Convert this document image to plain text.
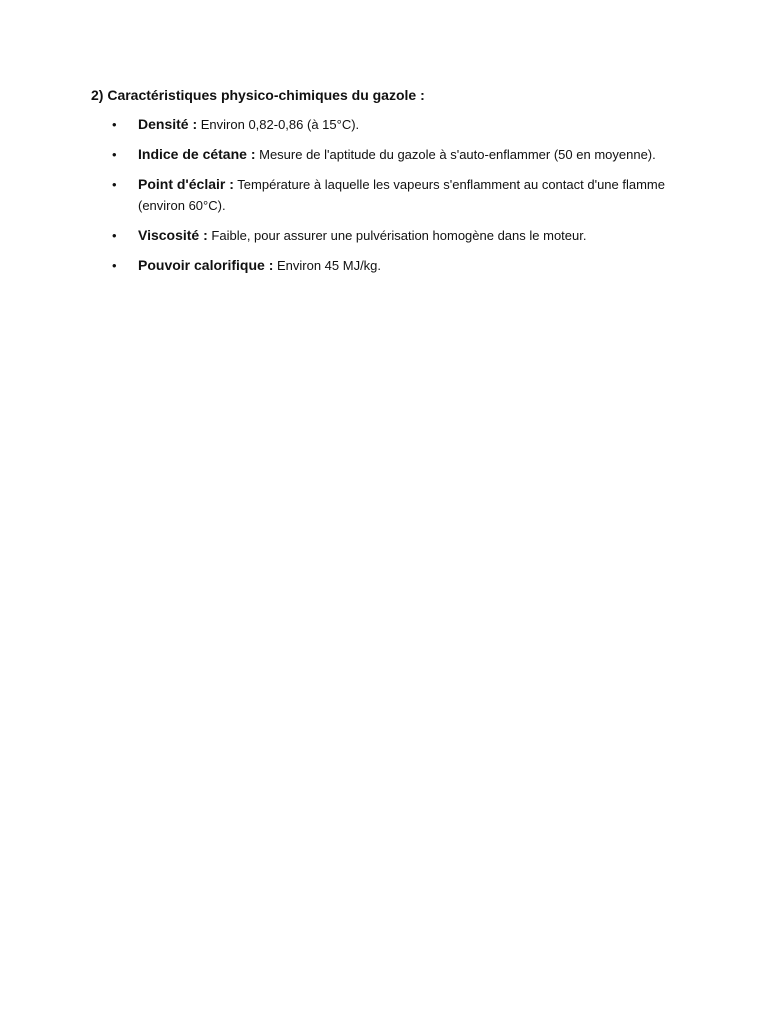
2) Caractéristiques physico-chimiques du gazole :
• Densité : Environ 0,82-0,86 (à 15°C).
• Indice de cétane : Mesure de l'aptitude du gazole à s'auto-enflammer (50 en moyenne).
• Point d'éclair : Température à laquelle les vapeurs s'enflamment au contact d'une flamme (environ 60°C).
• Viscosité : Faible, pour assurer une pulvérisation homogène dans le moteur.
• Pouvoir calorifique : Environ 45 MJ/kg.
